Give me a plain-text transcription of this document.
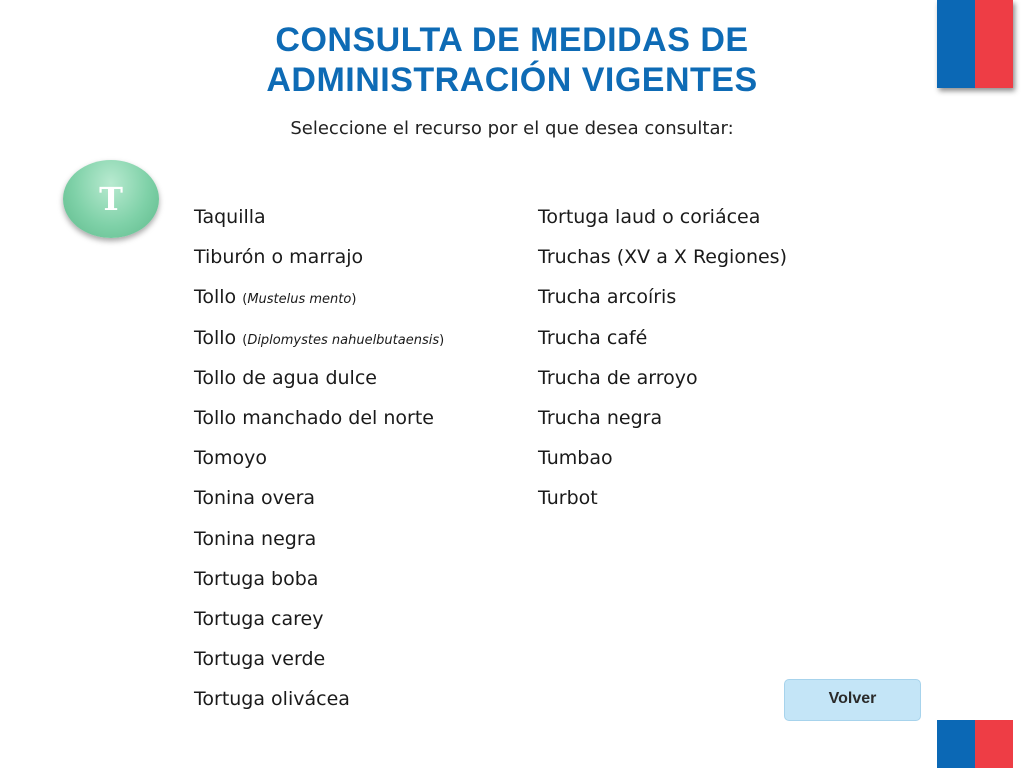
CONSULTA DE MEDIDAS DE
ADMINISTRACIÓN VIGENTES
Seleccione el recurso por el que desea consultar:
T	Taquilla
Tiburón o marrajo
Tollo (Mustelus mento)
Tollo (Diplomystes nahuelbutaensis)
Tollo de agua dulce
Tollo manchado del norte
Tomoyo
Tonina overa
Tonina negra
Tortuga boba
Tortuga carey
Tortuga verde
Tortuga olivácea
Tortuga laud o coriácea
Truchas (XV a X Regiones)
Trucha arcoíris
Trucha café
Trucha de arroyo
Trucha negra
Tumbao
Turbot
Volver
